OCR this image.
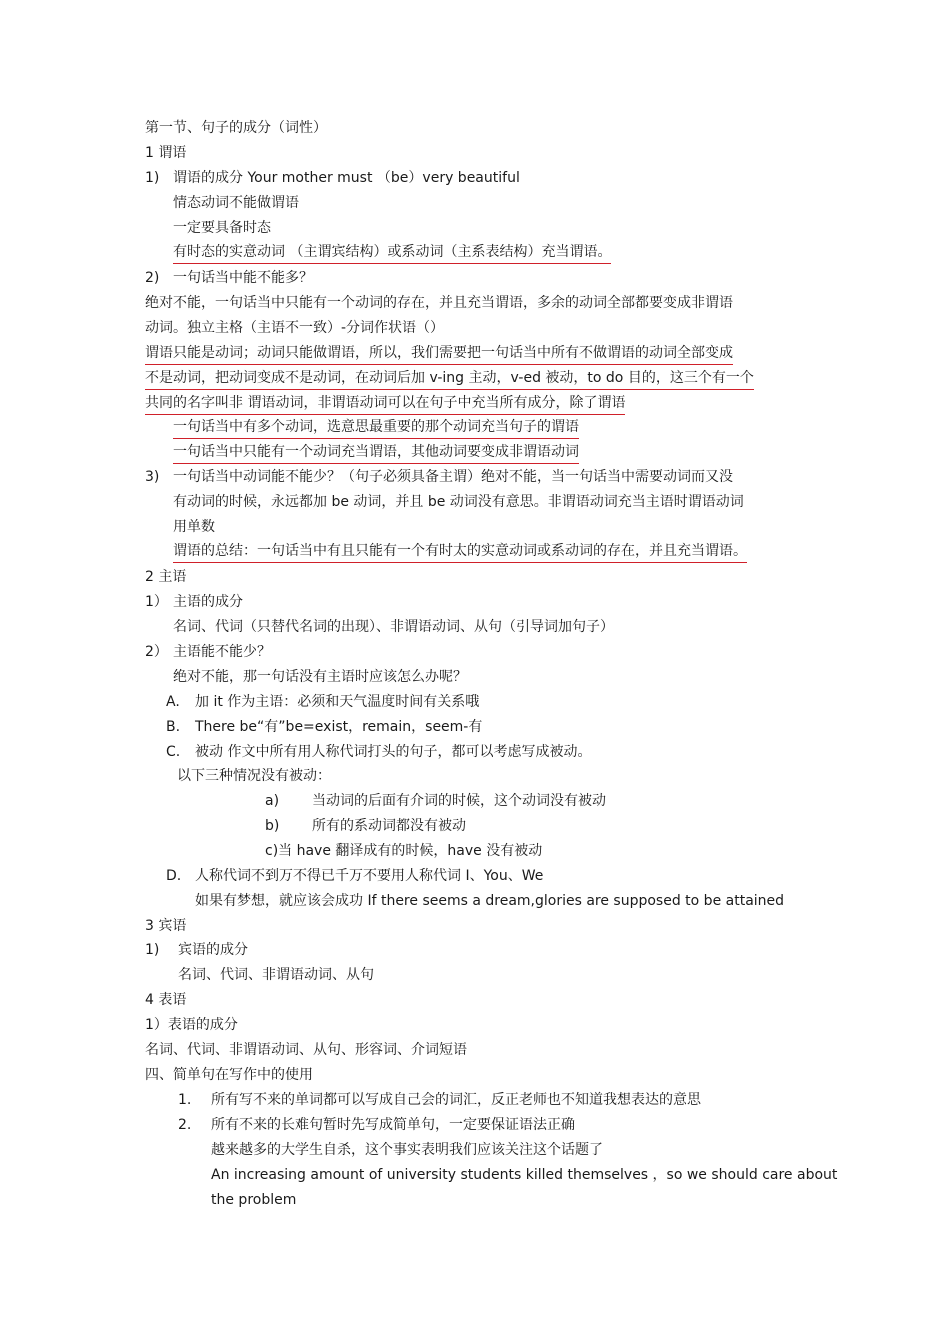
第一节、句子的成分（词性）
1 谓语
1) 谓语的成分 Your mother must （be）very beautiful
情态动词不能做谓语
一定要具备时态
有时态的实意动词 （主谓宾结构）或系动词（主系表结构）充当谓语。
2) 一句话当中能不能多？
绝对不能，一句话当中只能有一个动词的存在，并且充当谓语，多余的动词全部都要变成非谓语
动词。独立主格（主语不一致）-分词作状语（）
谓语只能是动词；动词只能做谓语，所以，我们需要把一句话当中所有不做谓语的动词全部变成
不是动词，把动词变成不是动词，在动词后加 v-ing 主动，v-ed 被动，to do 目的，这三个有一个
共同的名字叫非 谓语动词，非谓语动词可以在句子中充当所有成分，除了谓语
一句话当中有多个动词，选意思最重要的那个动词充当句子的谓语
一句话当中只能有一个动词充当谓语，其他动词要变成非谓语动词
3) 一句话当中动词能不能少？（句子必须具备主谓）绝对不能，当一句话当中需要动词而又没
有动词的时候，永远都加 be 动词，并且 be 动词没有意思。非谓语动词充当主语时谓语动词
用单数
谓语的总结：一句话当中有且只能有一个有时太的实意动词或系动词的存在，并且充当谓语。
2 主语
1） 主语的成分
名词、代词（只替代名词的出现）、非谓语动词、从句（引导词加句子）
2） 主语能不能少？
绝对不能，那一句话没有主语时应该怎么办呢？
A. 加 it 作为主语：必须和天气温度时间有关系哦
B. There be“有”be=exist，remain，seem-有
C. 被动 作文中所有用人称代词打头的句子，都可以考虑写成被动。
以下三种情况没有被动：
a) 当动词的后面有介词的时候，这个动词没有被动
b) 所有的系动词都没有被动
c)当 have 翻译成有的时候，have 没有被动
D. 人称代词不到万不得已千万不要用人称代词 I、You、We
如果有梦想，就应该会成功 If there seems a dream,glories are supposed to be attained
3 宾语
1) 宾语的成分
名词、代词、非谓语动词、从句
4 表语
1）表语的成分
名词、代词、非谓语动词、从句、形容词、介词短语
四、简单句在写作中的使用
1. 所有写不来的单词都可以写成自己会的词汇，反正老师也不知道我想表达的意思
2. 所有不来的长难句暂时先写成简单句，一定要保证语法正确
越来越多的大学生自杀，这个事实表明我们应该关注这个话题了
An increasing amount of university students killed themselves ，so we should care about
the problem
